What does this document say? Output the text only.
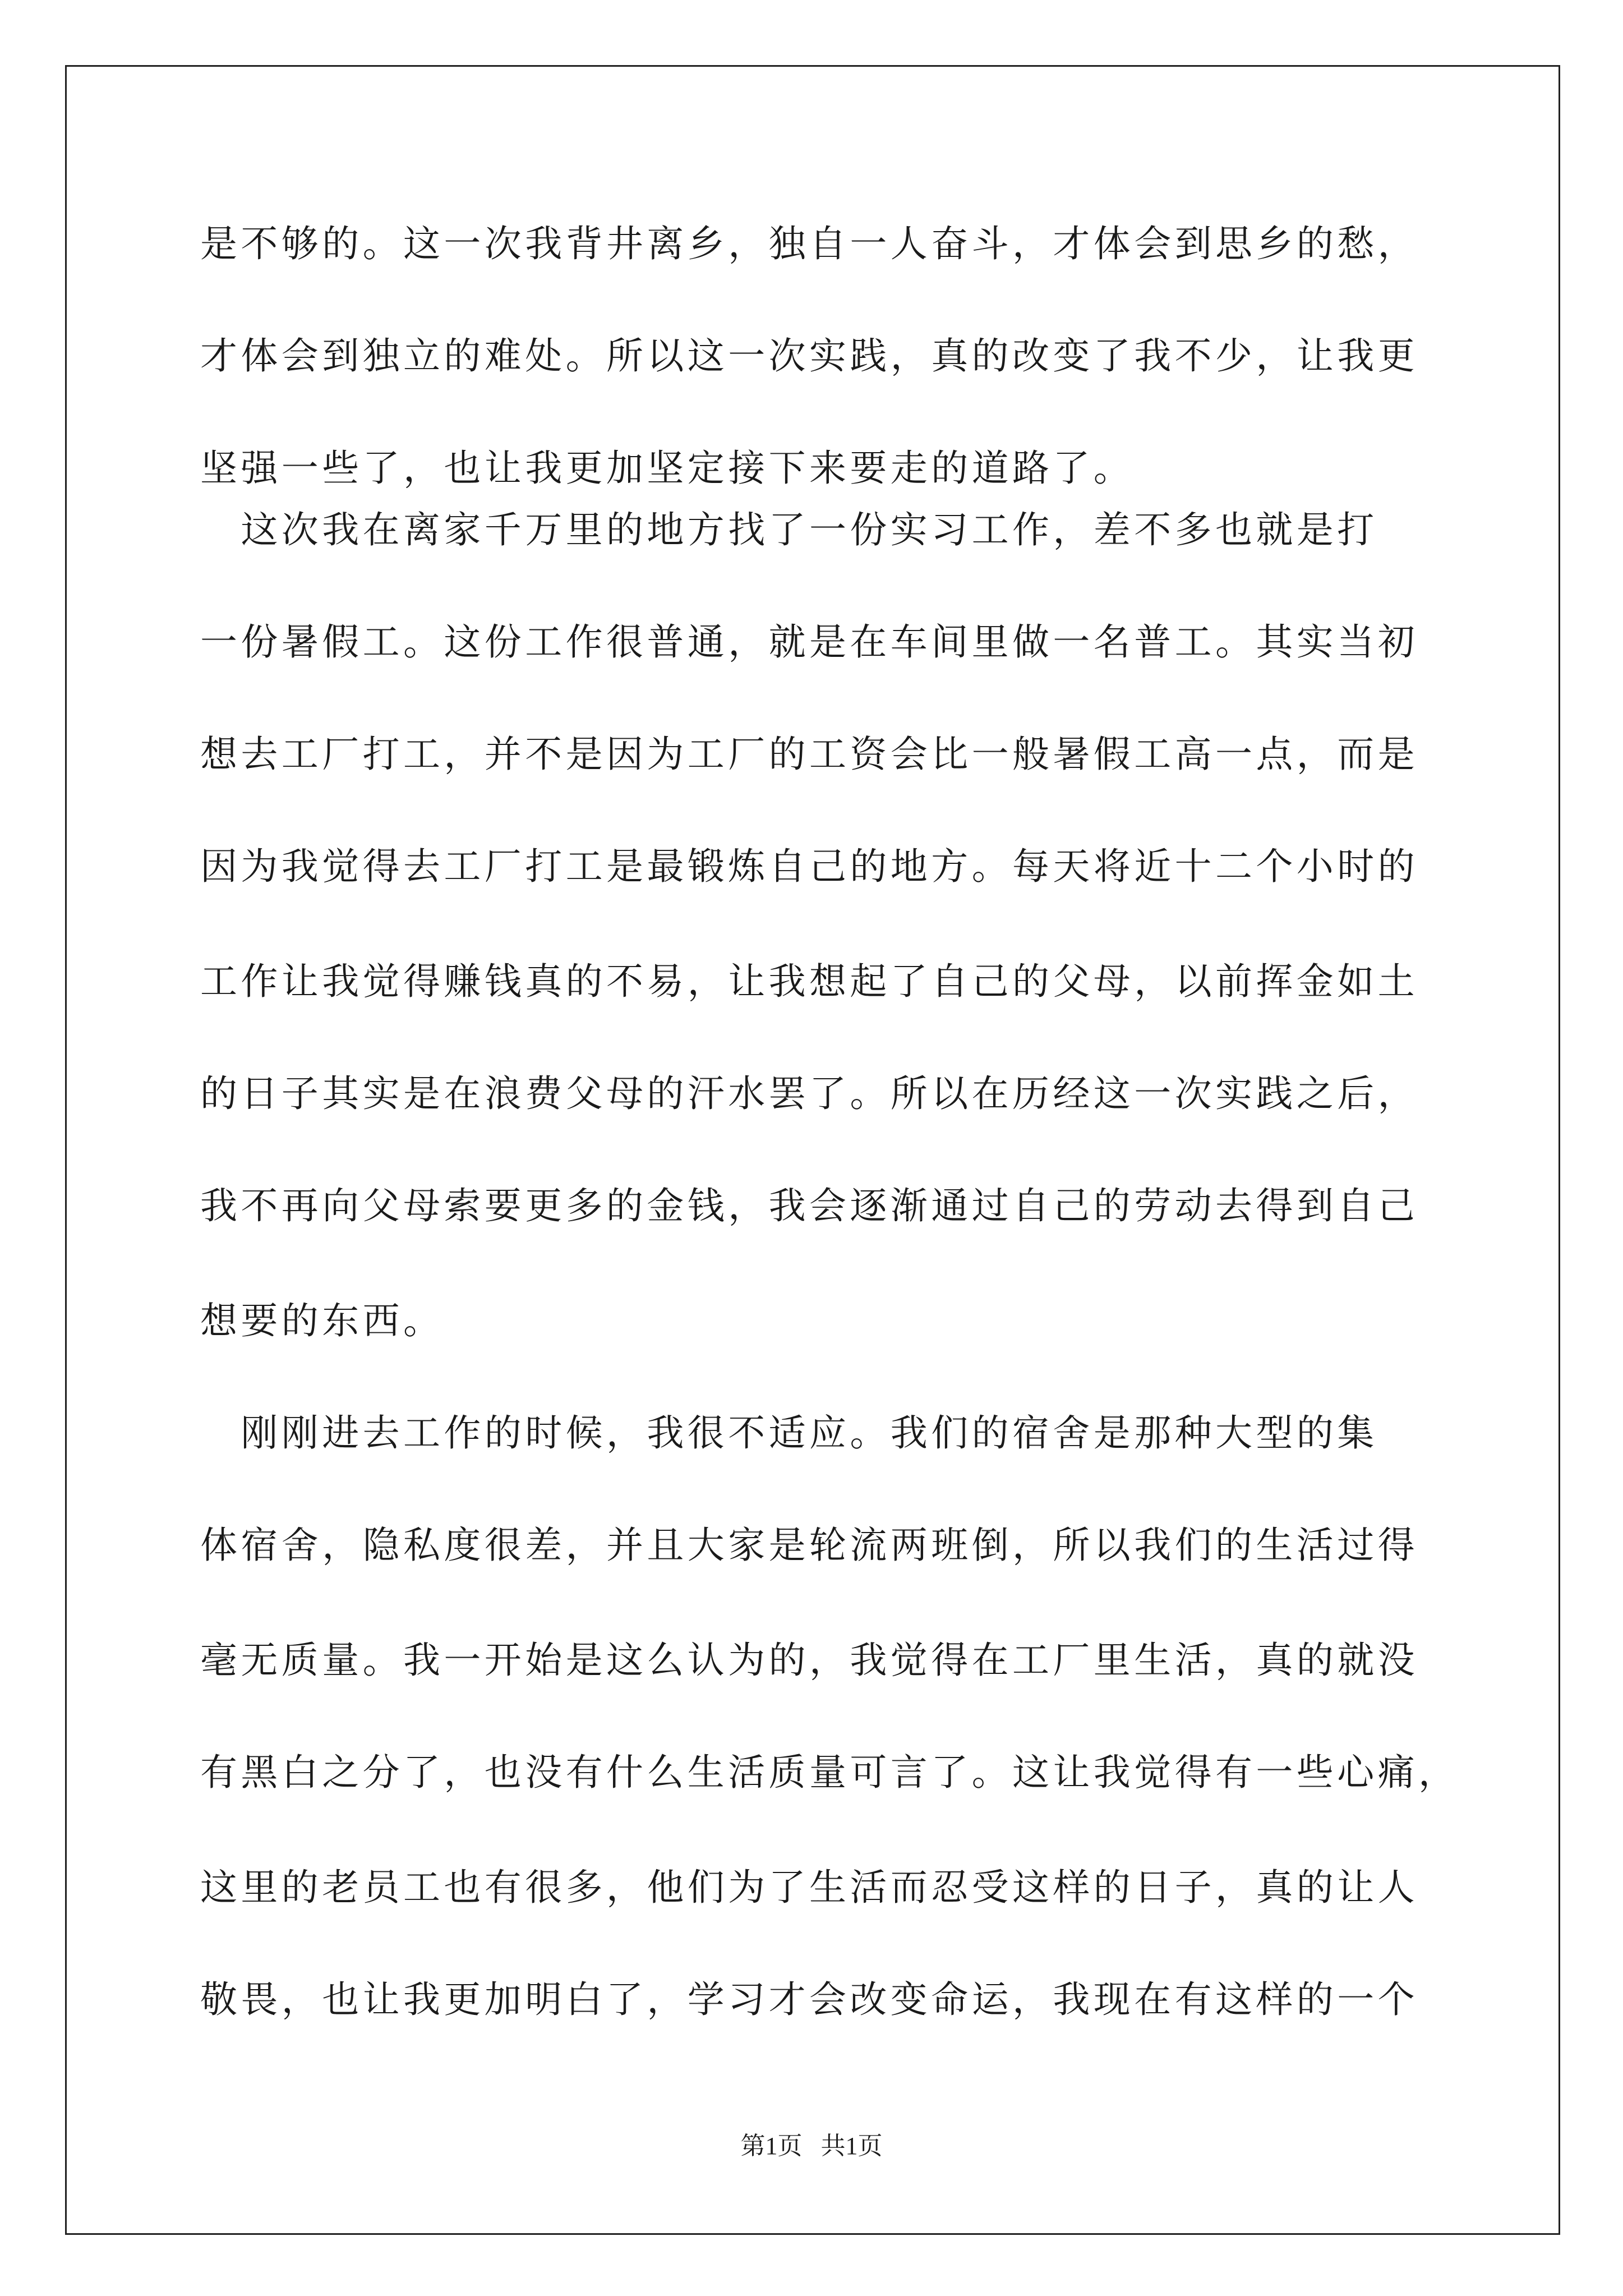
是不够的。这一次我背井离乡，独自一人奋斗，才体会到思乡的愁，
才体会到独立的难处。所以这一次实践，真的改变了我不少，让我更
坚强一些了，也让我更加坚定接下来要走的道路了。
　这次我在离家千万里的地方找了一份实习工作，差不多也就是打
一份暑假工。这份工作很普通，就是在车间里做一名普工。其实当初
想去工厂打工，并不是因为工厂的工资会比一般暑假工高一点，而是
因为我觉得去工厂打工是最锻炼自己的地方。每天将近十二个小时的
工作让我觉得赚钱真的不易，让我想起了自己的父母，以前挥金如土
的日子其实是在浪费父母的汗水罢了。所以在历经这一次实践之后，
我不再向父母索要更多的金钱，我会逐渐通过自己的劳动去得到自己
想要的东西。
　刚刚进去工作的时候，我很不适应。我们的宿舍是那种大型的集
体宿舍，隐私度很差，并且大家是轮流两班倒，所以我们的生活过得
毫无质量。我一开始是这么认为的，我觉得在工厂里生活，真的就没
有黑白之分了，也没有什么生活质量可言了。这让我觉得有一些心痛，
这里的老员工也有很多，他们为了生活而忍受这样的日子，真的让人
敬畏，也让我更加明白了，学习才会改变命运，我现在有这样的一个
第1页 共1页
